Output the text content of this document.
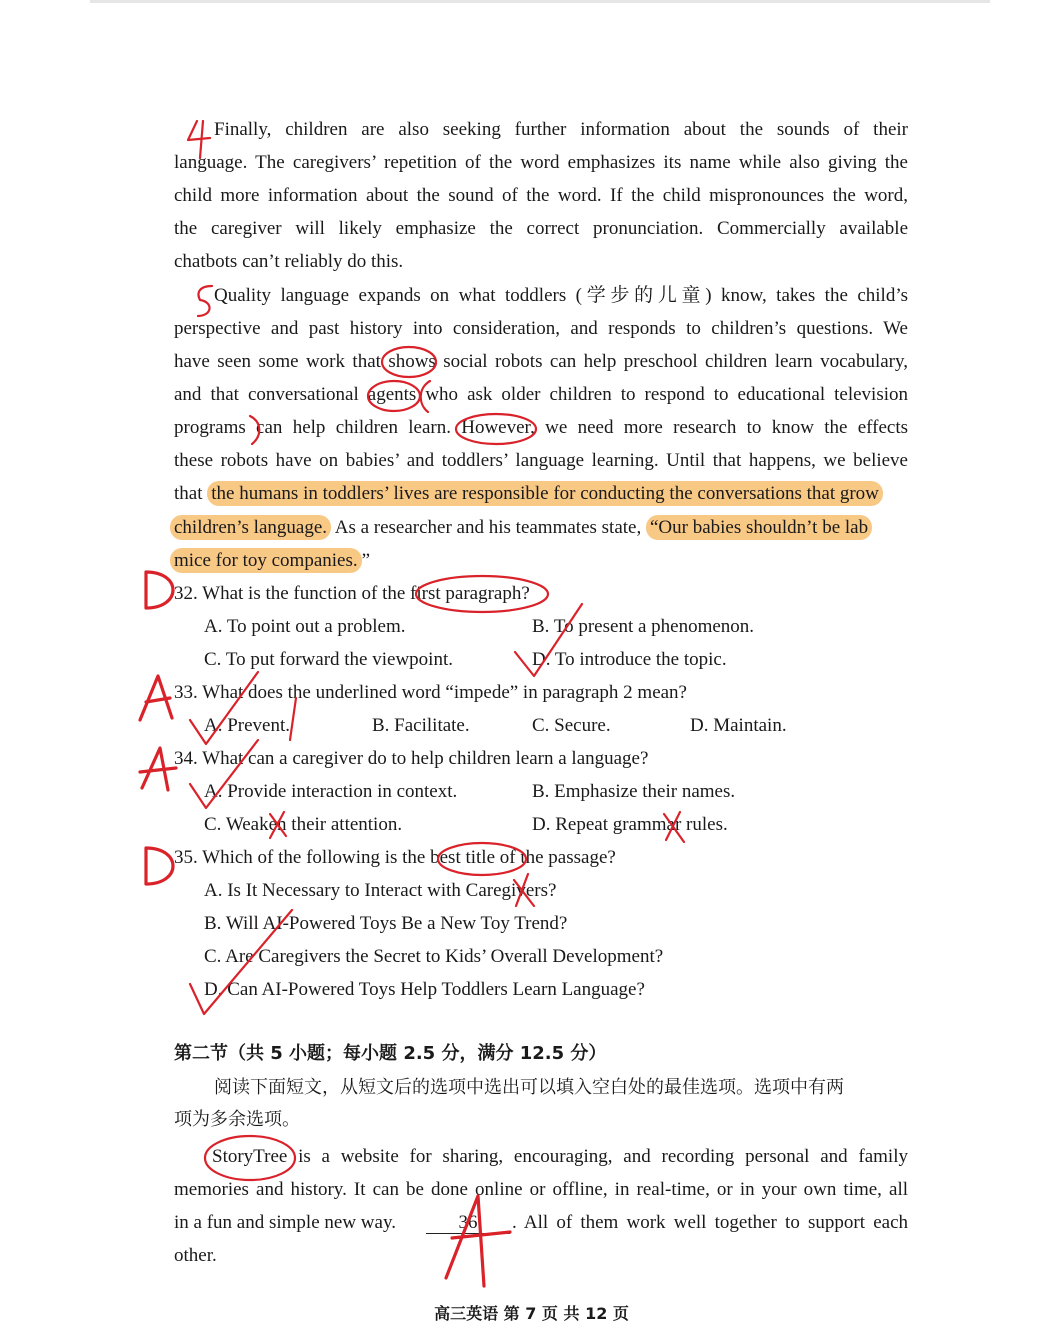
Finally, children are also seeking further information about the sounds of their
language. The caregivers’ repetition of the word emphasizes its name while also giving the
child more information about the sound of the word. If the child mispronounces the word,
the caregiver will likely emphasize the correct pronunciation. Commercially available
chatbots can’t reliably do this.
Quality language expands on what toddlers (学步的儿童) know, takes the child’s
perspective and past history into consideration, and responds to children’s questions. We
have seen some work that shows social robots can help preschool children learn vocabulary,
and that conversational agents who ask older children to respond to educational television
programs can help children learn. However, we need more research to know the effects
these robots have on babies’ and toddlers’ language learning. Until that happens, we believe
that the humans in toddlers’ lives are responsible for conducting the conversations that grow
children’s language. As a researcher and his teammates state, “Our babies shouldn’t be lab
mice for toy companies. ”
32. What is the function of the first paragraph?
A. To point out a problem.	B. To present a phenomenon.
C. To put forward the viewpoint.	D. To introduce the topic.
33. What does the underlined word “impede” in paragraph 2 mean?
A. Prevent.	B. Facilitate.	C. Secure.	D. Maintain.
34. What can a caregiver do to help children learn a language?
A. Provide interaction in context.	B. Emphasize their names.
C. Weaken their attention.	D. Repeat grammar rules.
35. Which of the following is the best title of the passage?
A. Is It Necessary to Interact with Caregivers?
B. Will AI-Powered Toys Be a New Toy Trend?
C. Are Caregivers the Secret to Kids’ Overall Development?
D. Can AI-Powered Toys Help Toddlers Learn Language?
第二节（共 5 小题；每小题 2.5 分，满分 12.5 分）
阅读下面短文，从短文后的选项中选出可以填入空白处的最佳选项。选项中有两
项为多余选项。
StoryTree is a website for sharing, encouraging, and recording personal and family
memories and history. It can be done online or offline, in real-time, or in your own time, all
in a fun and simple new way.	36	. All of them work well together to support each
other.
高三英语 第 7 页 共 12 页
